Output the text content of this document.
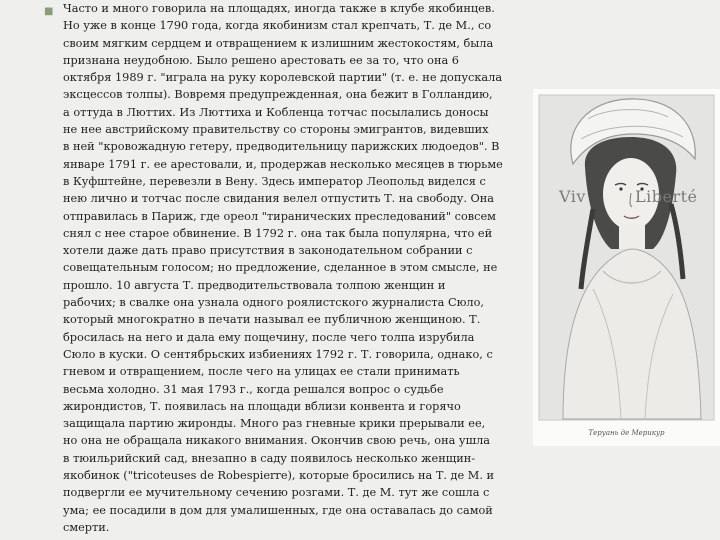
■ Часто и много говорила на площадях, иногда также в клубе якобинцев.
Но уже в конце 1790 года, когда якобинизм стал крепчать, Т. де М., со
своим мягким сердцем и отвращением к излишним жестокостям, была
признана неудобною. Было решено арестовать ее за то, что она 6
октября 1989 г. "играла на руку королевской партии" (т. е. не допускала
эксцессов толпы). Вовремя предупрежденная, она бежит в Голландию,
а оттуда в Люттих. Из Люттиха и Кобленца тотчас посылались доносы
не нее австрийскому правительству со стороны эмигрантов, видевших
в ней "кровожадную гетеру, предводительницу парижских людоедов". В
январе 1791 г. ее арестовали, и, продержав несколько месяцев в тюрьме
в Куфштейне, перевезли в Вену. Здесь император Леопольд виделся с
нею лично и тотчас после свидания велел отпустить Т. на свободу. Она
отправилась в Париж, где ореол "тиранических преследований" совсем
снял с нее старое обвинение. В 1792 г. она так была популярна, что ей
хотели даже дать право присутствия в законодательном собрании с
совещательным голосом; но предложение, сделанное в этом смысле, не
прошло. 10 августа Т. предводительствовала толпою женщин и
рабочих; в свалке она узнала одного роялистского журналиста Сюло,
который многократно в печати называл ее публичною женщиною. Т.
бросилась на него и дала ему пощечину, после чего толпа изрубила
Сюло в куски. О сентябрьских избиениях 1792 г. Т. говорила, однако, с
гневом и отвращением, после чего на улицах ее стали принимать
весьма холодно. 31 мая 1793 г., когда решался вопрос о судьбе
жирондистов, Т. появилась на площади вблизи конвента и горячо
защищала партию жиронды. Много раз гневные крики прерывали ее,
но она не обращала никакого внимания. Окончив свою речь, она ушла
в тюильрийский сад, внезапно в саду появилось несколько женщин-
якобинок ("tricoteuses de Robespierre), которые бросились на Т. де М. и
подвергли ее мучительному сечению розгами. Т. де М. тут же сошла с
ума; ее посадили в дом для умалишенных, где она оставалась до самой
смерти.
Viv	Liberté
Теруань де Мерикур
